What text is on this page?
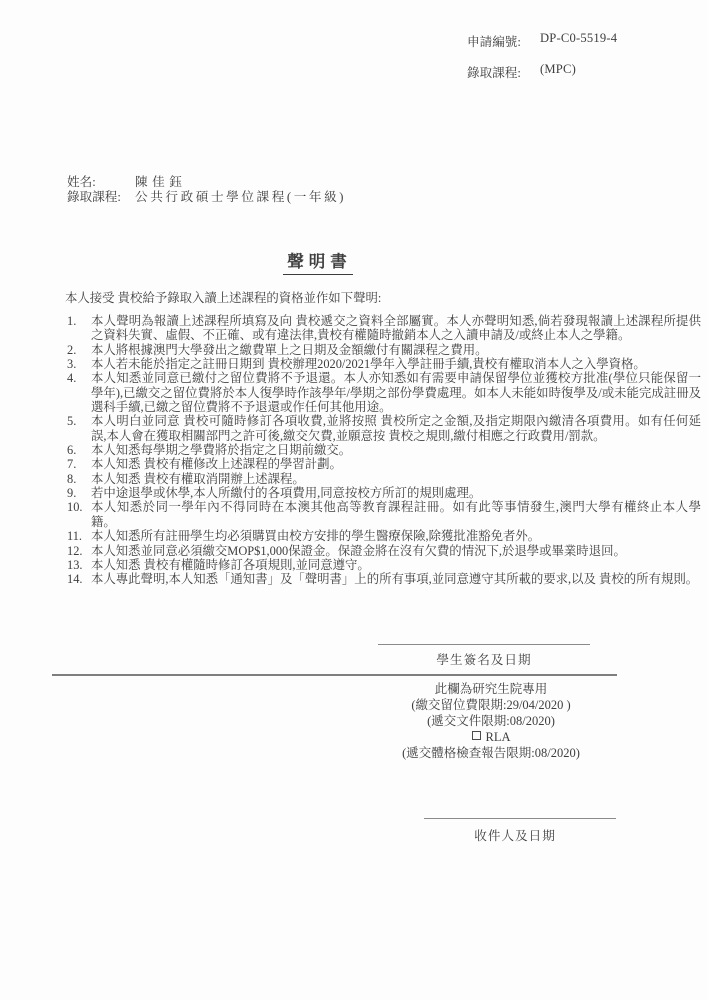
申請編號:	DP-C0-5519-4
錄取課程:	(MPC)
姓名:	陳佳鈺
錄取課程:	公共行政碩士學位課程(一年級)
聲明書

本人接受 貴校給予錄取入讀上述課程的資格並作如下聲明:

1.	本人聲明為報讀上述課程所填寫及向 貴校遞交之資料全部屬實。本人亦聲明知悉,倘若發現報讀上述課程所提供之資料失實、虛假、不正確、或有違法律,貴校有權隨時撤銷本人之入讀申請及/或終止本人之學籍。
2.	本人將根據澳門大學發出之繳費單上之日期及金額繳付有關課程之費用。
3.	本人若未能於指定之註冊日期到 貴校辦理2020/2021學年入學註冊手續,貴校有權取消本人之入學資格。
4.	本人知悉並同意已繳付之留位費將不予退還。本人亦知悉如有需要申請保留學位並獲校方批准(學位只能保留一學年),已繳交之留位費將於本人復學時作該學年/學期之部份學費處理。如本人未能如時復學及/或未能完成註冊及選科手續,已繳之留位費將不予退還或作任何其他用途。
5.	本人明白並同意 貴校可隨時修訂各項收費,並將按照 貴校所定之金額,及指定期限內繳清各項費用。如有任何延誤,本人會在獲取相關部門之許可後,繳交欠費,並願意按 貴校之規則,繳付相應之行政費用/罰款。
6.	本人知悉每學期之學費將於指定之日期前繳交。
7.	本人知悉 貴校有權修改上述課程的學習計劃。
8.	本人知悉 貴校有權取消開辦上述課程。
9.	若中途退學或休學,本人所繳付的各項費用,同意按校方所訂的規則處理。
10. 本人知悉於同一學年內不得同時在本澳其他高等教育課程註冊。如有此等事情發生,澳門大學有權終止本人學籍。
11. 本人知悉所有註冊學生均必須購買由校方安排的學生醫療保險,除獲批准豁免者外。
12. 本人知悉並同意必須繳交MOP$1,000保證金。保證金將在沒有欠費的情況下,於退學或畢業時退回。
13. 本人知悉 貴校有權隨時修訂各項規則,並同意遵守。
14. 本人專此聲明,本人知悉「通知書」及「聲明書」上的所有事項,並同意遵守其所載的要求,以及 貴校的所有規則。
學生簽名及日期
此欄為研究生院專用
(繳交留位費限期:29/04/2020 )
(遞交文件限期:08/2020)
RLA
(遞交體格檢查報告限期:08/2020)
收件人及日期
